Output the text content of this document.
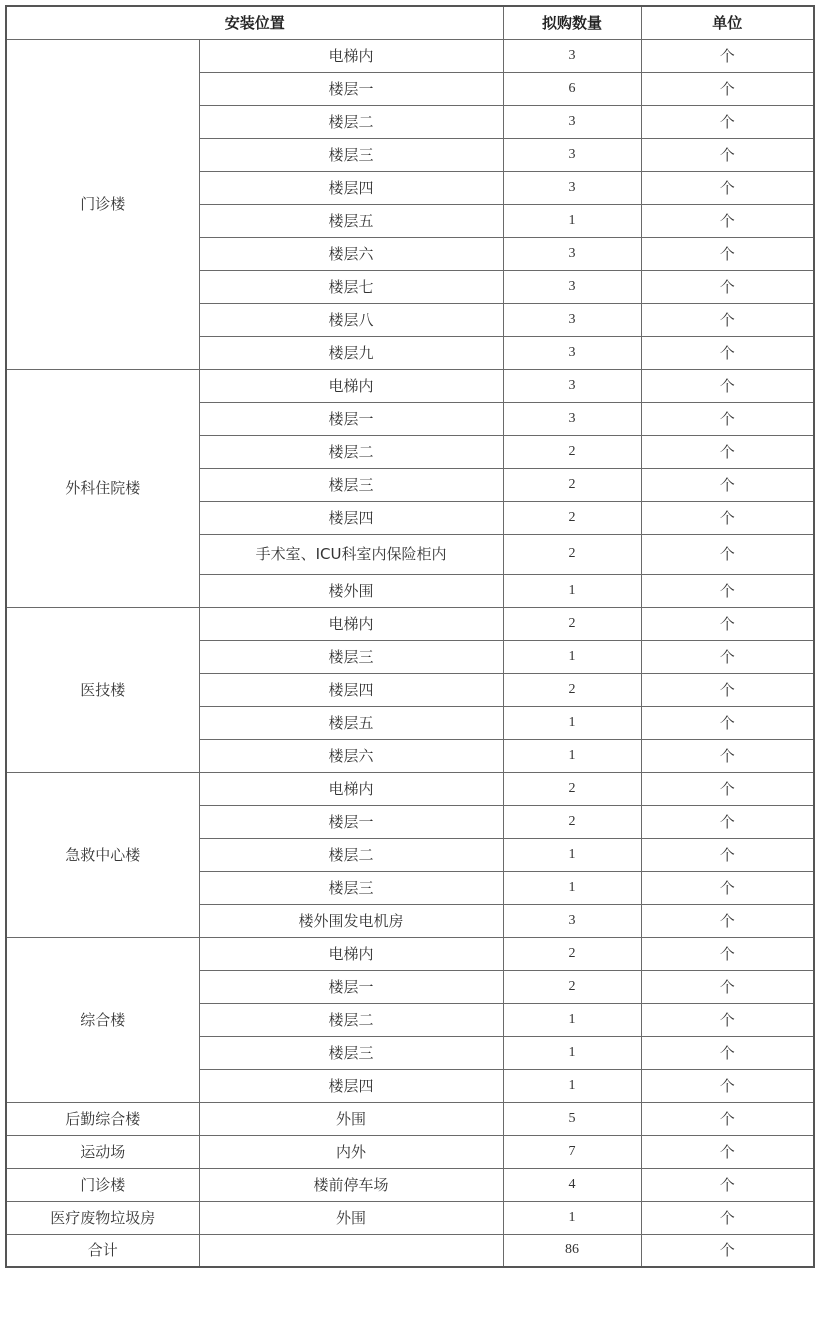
安装位置		拟购数量	单位
门诊楼	电梯内	3	个
	楼层一	6	个
	楼层二	3	个
	楼层三	3	个
	楼层四	3	个
	楼层五	1	个
	楼层六	3	个
	楼层七	3	个
	楼层八	3	个
	楼层九	3	个
外科住院楼	电梯内	3	个
	楼层一	3	个
	楼层二	2	个
	楼层三	2	个
	楼层四	2	个
	手术室、ICU科室内保险柜内	2	个
	楼外围	1	个
医技楼	电梯内	2	个
	楼层三	1	个
	楼层四	2	个
	楼层五	1	个
	楼层六	1	个
急救中心楼	电梯内	2	个
	楼层一	2	个
	楼层二	1	个
	楼层三	1	个
	楼外围发电机房	3	个
综合楼	电梯内	2	个
	楼层一	2	个
	楼层二	1	个
	楼层三	1	个
	楼层四	1	个
后勤综合楼	外围	5	个
运动场	内外	7	个
门诊楼	楼前停车场	4	个
医疗废物垃圾房	外围	1	个
合计		86	个
